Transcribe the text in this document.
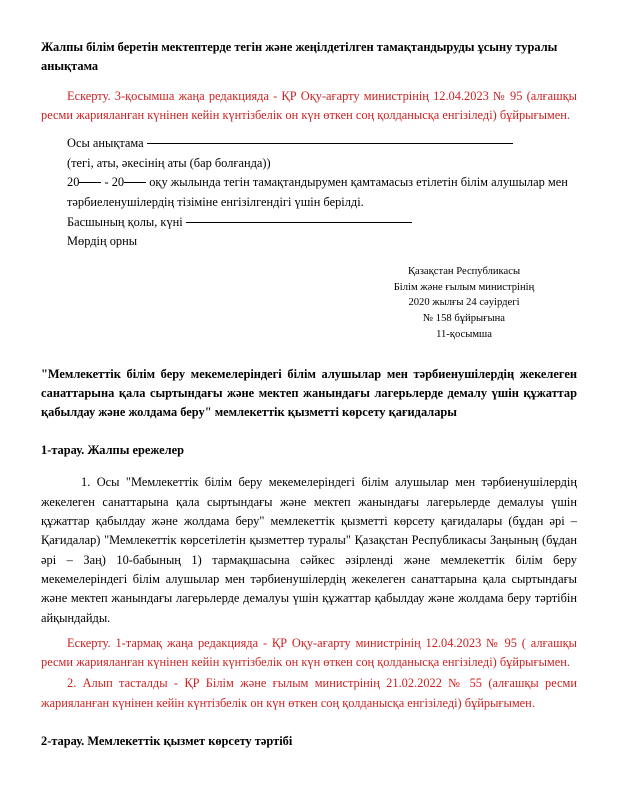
Жалпы білім беретін мектептерде тегін және жеңілдетілген тамақтандыруды ұсыну туралы анықтама

Ескерту. 3-қосымша жаңа редакцияда - ҚР Оқу-ағарту министрінің 12.04.2023 № 95 (алғашқы ресми жарияланған күнінен кейін күнтізбелік он күн өткен соң қолданысқа енгізіледі) бұйрығымен.

Осы анықтама
(тегі, аты, әкесінің аты (бар болғанда))
20 - 20 оқу жылында тегін тамақтандырумен қамтамасыз етілетін білім алушылар мен тәрбиеленушілердің тізіміне енгізілгендігі үшін берілді.
Басшының қолы, күні
Мөрдің орны
Қазақстан Республикасы
Білім және ғылым министрінің
2020 жылғы 24 сәуірдегі
№ 158 бұйрығына
11-қосымша
"Мемлекеттік білім беру мекемелеріндегі білім алушылар мен тәрбиенушілердің жекелеген санаттарына қала сыртындағы және мектеп жанындағы лагерьлерде демалу үшін құжаттар қабылдау және жолдама беру" мемлекеттік қызметті көрсету қағидалары
1-тарау. Жалпы ережелер

1. Осы "Мемлекеттік білім беру мекемелеріндегі білім алушылар мен тәрбиенушілердің жекелеген санаттарына қала сыртындағы және мектеп жанындағы лагерьлерде демалуы үшін құжаттар қабылдау және жолдама беру" мемлекеттік қызметті көрсету қағидалары (бұдан әрі – Қағидалар) "Мемлекеттік көрсетілетін қызметтер туралы" Қазақстан Республикасы Заңының (бұдан әрі – Заң) 10-бабының 1) тармақшасына сәйкес әзірленді және мемлекеттік білім беру мекемелеріндегі білім алушылар мен тәрбиенушілердің жекелеген санаттарына қала сыртындағы және мектеп жанындағы лагерьлерде демалуы үшін құжаттар қабылдау және жолдама беру тәртібін айқындайды.

Ескерту. 1-тармақ жаңа редакцияда - ҚР Оқу-ағарту министрінің 12.04.2023 № 95 ( алғашқы ресми жарияланған күнінен кейін күнтізбелік он күн өткен соң қолданысқа енгізіледі) бұйрығымен.

2. Алып тасталды - ҚР Білім және ғылым министрінің 21.02.2022 № 55 (алғашқы ресми жарияланған күнінен кейін күнтізбелік он күн өткен соң қолданысқа енгізіледі) бұйрығымен.

2-тарау. Мемлекеттік қызмет көрсету тәртібі
